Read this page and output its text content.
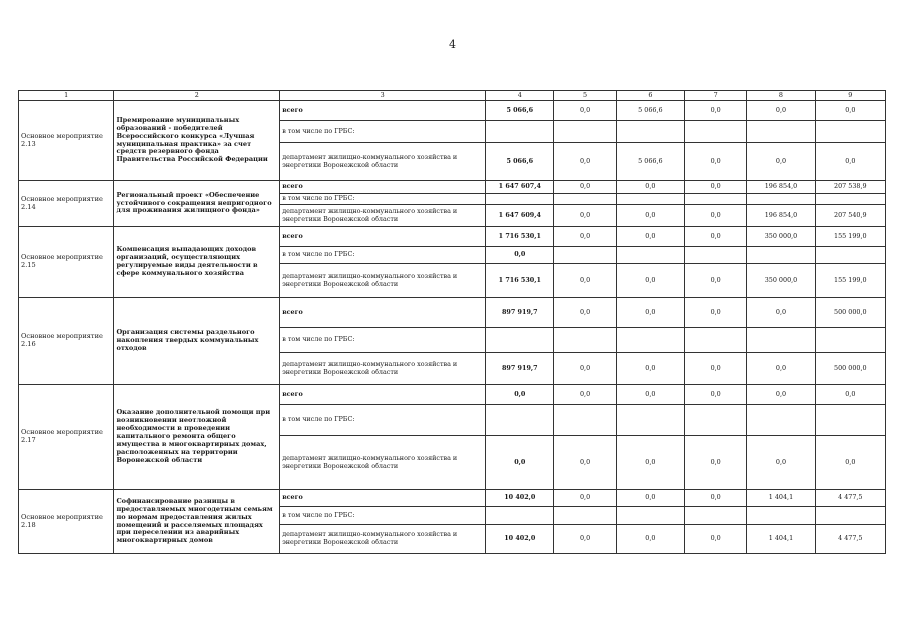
4
1	2	3	4	5	6	7	8	9
Основное мероприятие 2.13	Премирование муниципальных образований - победителей Всероссийского конкурса «Лучшая муниципальная практика» за счет средств резервного фонда Правительства Российской Федерации	всего	5 066,6	0,0	5 066,6	0,0	0,0	0,0
		в том числе по ГРБС:						
		департамент жилищно-коммунального хозяйства и энергетики Воронежской области	5 066,6	0,0	5 066,6	0,0	0,0	0,0
Основное мероприятие 2.14	Региональный проект «Обеспечение устойчивого сокращения непригодного для проживания жилищного фонда»	всего	1 647 607,4	0,0	0,0	0,0	196 854,0	207 538,9
		в том числе по ГРБС:						
		департамент жилищно-коммунального хозяйства и энергетики Воронежской области	1 647 609,4	0,0	0,0	0,0	196 854,0	207 540,9
Основное мероприятие 2.15	Компенсация выпадающих доходов организаций, осуществляющих регулируемые виды деятельности в сфере коммунального хозяйства	всего	1 716 530,1	0,0	0,0	0,0	350 000,0	155 199,0
		в том числе по ГРБС:	0,0					
		департамент жилищно-коммунального хозяйства и энергетики Воронежской области	1 716 530,1	0,0	0,0	0,0	350 000,0	155 199,0
Основное мероприятие 2.16	Организация системы раздельного накопления твердых коммунальных отходов	всего	897 919,7	0,0	0,0	0,0	0,0	500 000,0
		в том числе по ГРБС:						
		департамент жилищно-коммунального хозяйства и энергетики Воронежской области	897 919,7	0,0	0,0	0,0	0,0	500 000,0
Основное мероприятие 2.17	Оказание дополнительной помощи при возникновении неотложной необходимости в проведении капитального ремонта общего имущества в многоквартирных домах, расположенных на территории Воронежской области	всего	0,0	0,0	0,0	0,0	0,0	0,0
		в том числе по ГРБС:						
		департамент жилищно-коммунального хозяйства и энергетики Воронежской области	0,0	0,0	0,0	0,0	0,0	0,0
Основное мероприятие 2.18	Софинансирование разницы в предоставляемых многодетным семьям по нормам предоставления жилых помещений и расселяемых площадях при переселении из аварийных многоквартирных домов	всего	10 402,0	0,0	0,0	0,0	1 404,1	4 477,5
		в том числе по ГРБС:						
		департамент жилищно-коммунального хозяйства и энергетики Воронежской области	10 402,0	0,0	0,0	0,0	1 404,1	4 477,5
